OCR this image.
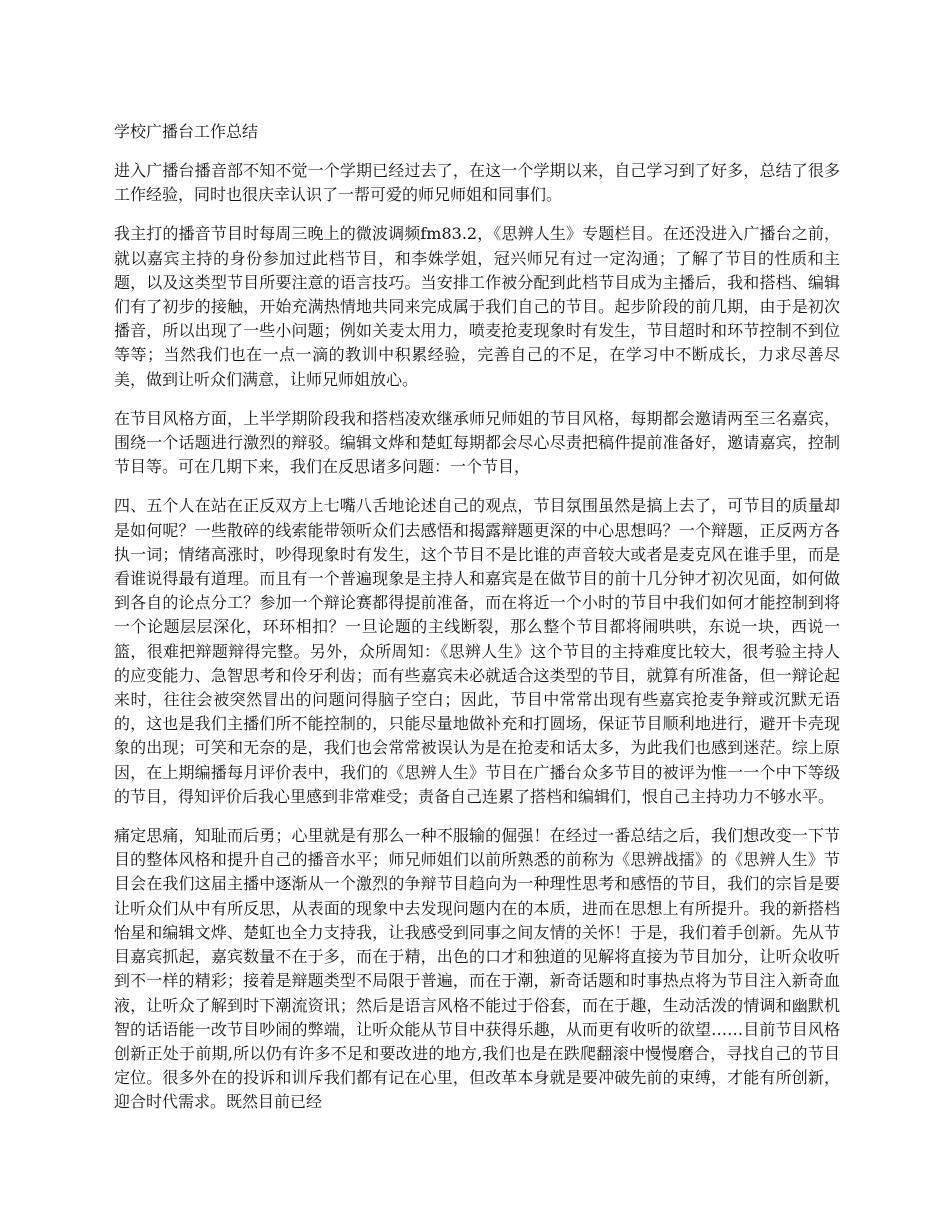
学校广播台工作总结

进入广播台播音部不知不觉一个学期已经过去了，在这一个学期以来，自己学习到了好多，总结了很多工作经验，同时也很庆幸认识了一帮可爱的师兄师姐和同事们。

我主打的播音节目时每周三晚上的微波调频fm83.2，《思辨人生》专题栏目。在还没进入广播台之前，就以嘉宾主持的身份参加过此档节目，和李姝学姐，冠兴师兄有过一定沟通；了解了节目的性质和主题，以及这类型节目所要注意的语言技巧。当安排工作被分配到此档节目成为主播后，我和搭档、编辑们有了初步的接触，开始充满热情地共同来完成属于我们自己的节目。起步阶段的前几期，由于是初次播音，所以出现了一些小问题；例如关麦太用力，喷麦抢麦现象时有发生，节目超时和环节控制不到位等等；当然我们也在一点一滴的教训中积累经验，完善自己的不足，在学习中不断成长，力求尽善尽美，做到让听众们满意，让师兄师姐放心。

在节目风格方面，上半学期阶段我和搭档凌欢继承师兄师姐的节目风格，每期都会邀请两至三名嘉宾，围绕一个话题进行激烈的辩驳。编辑文烨和楚虹每期都会尽心尽责把稿件提前准备好，邀请嘉宾，控制节目等。可在几期下来，我们在反思诸多问题：一个节目，

四、五个人在站在正反双方上七嘴八舌地论述自己的观点，节目氛围虽然是搞上去了，可节目的质量却是如何呢？一些散碎的线索能带领听众们去感悟和揭露辩题更深的中心思想吗？一个辩题，正反两方各执一词；情绪高涨时，吵得现象时有发生，这个节目不是比谁的声音较大或者是麦克风在谁手里，而是看谁说得最有道理。而且有一个普遍现象是主持人和嘉宾是在做节目的前十几分钟才初次见面，如何做到各自的论点分工？参加一个辩论赛都得提前准备，而在将近一个小时的节目中我们如何才能控制到将一个论题层层深化，环环相扣？一旦论题的主线断裂，那么整个节目都将闹哄哄，东说一块，西说一篮，很难把辩题辩得完整。另外，众所周知：《思辨人生》这个节目的主持难度比较大，很考验主持人的应变能力、急智思考和伶牙利齿；而有些嘉宾未必就适合这类型的节目，就算有所准备，但一辩论起来时，往往会被突然冒出的问题问得脑子空白；因此，节目中常常出现有些嘉宾抢麦争辩或沉默无语的，这也是我们主播们所不能控制的，只能尽量地做补充和打圆场，保证节目顺利地进行，避开卡壳现象的出现；可笑和无奈的是，我们也会常常被误认为是在抢麦和话太多，为此我们也感到迷茫。综上原因，在上期编播每月评价表中，我们的《思辨人生》节目在广播台众多节目的被评为惟一一个中下等级的节目，得知评价后我心里感到非常难受；责备自己连累了搭档和编辑们，恨自己主持功力不够水平。

痛定思痛，知耻而后勇；心里就是有那么一种不服输的倔强！在经过一番总结之后，我们想改变一下节目的整体风格和提升自己的播音水平；师兄师姐们以前所熟悉的前称为《思辨战擂》的《思辨人生》节目会在我们这届主播中逐渐从一个激烈的争辩节目趋向为一种理性思考和感悟的节目，我们的宗旨是要让听众们从中有所反思，从表面的现象中去发现问题内在的本质，进而在思想上有所提升。我的新搭档怡星和编辑文烨、楚虹也全力支持我，让我感受到同事之间友情的关怀！于是，我们着手创新。先从节目嘉宾抓起，嘉宾数量不在于多，而在于精，出色的口才和独道的见解将直接为节目加分，让听众收听到不一样的精彩；接着是辩题类型不局限于普遍，而在于潮，新奇话题和时事热点将为节目注入新奇血液，让听众了解到时下潮流资讯；然后是语言风格不能过于俗套，而在于趣，生动活泼的情调和幽默机智的话语能一改节目吵闹的弊端，让听众能从节目中获得乐趣，从而更有收听的欲望……目前节目风格创新正处于前期,所以仍有许多不足和要改进的地方,我们也是在跌爬翻滚中慢慢磨合，寻找自己的节目定位。很多外在的投诉和训斥我们都有记在心里，但改革本身就是要冲破先前的束缚，才能有所创新，迎合时代需求。既然目前已经
